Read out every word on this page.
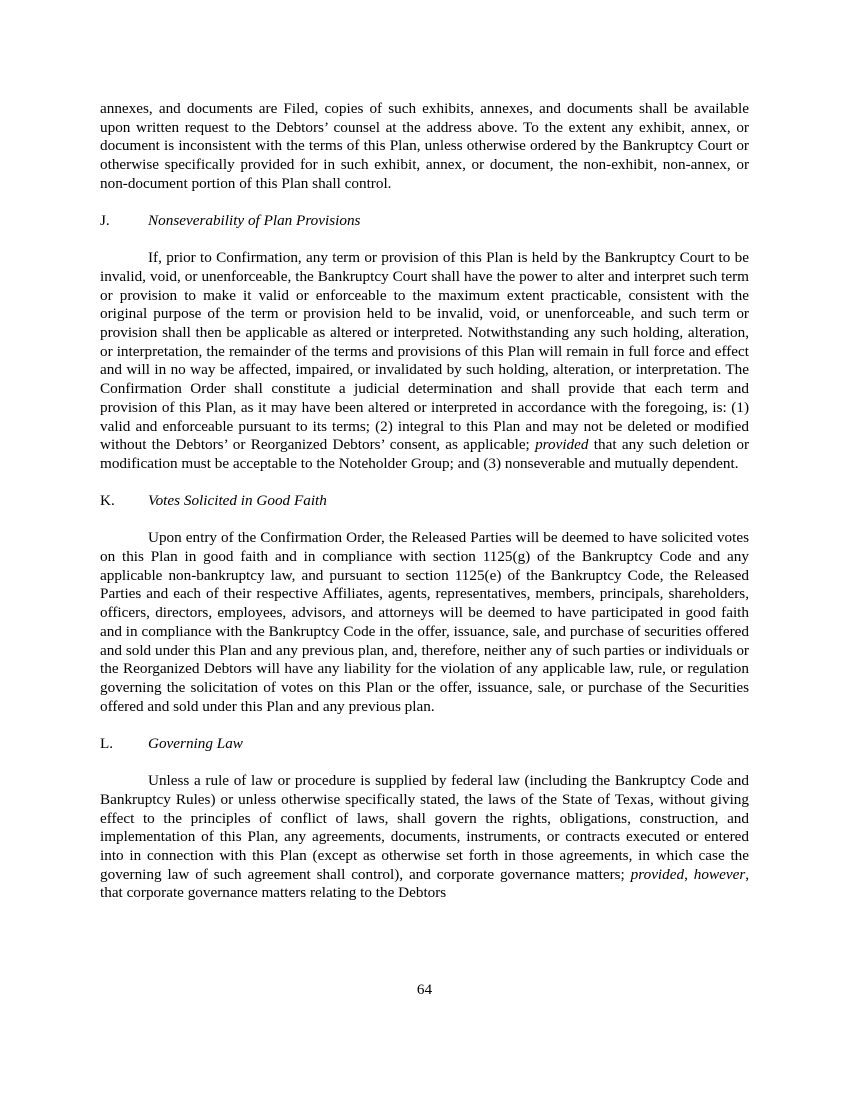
annexes, and documents are Filed, copies of such exhibits, annexes, and documents shall be available upon written request to the Debtors’ counsel at the address above. To the extent any exhibit, annex, or document is inconsistent with the terms of this Plan, unless otherwise ordered by the Bankruptcy Court or otherwise specifically provided for in such exhibit, annex, or document, the non-exhibit, non-annex, or non-document portion of this Plan shall control.

J.	Nonseverability of Plan Provisions

If, prior to Confirmation, any term or provision of this Plan is held by the Bankruptcy Court to be invalid, void, or unenforceable, the Bankruptcy Court shall have the power to alter and interpret such term or provision to make it valid or enforceable to the maximum extent practicable, consistent with the original purpose of the term or provision held to be invalid, void, or unenforceable, and such term or provision shall then be applicable as altered or interpreted. Notwithstanding any such holding, alteration, or interpretation, the remainder of the terms and provisions of this Plan will remain in full force and effect and will in no way be affected, impaired, or invalidated by such holding, alteration, or interpretation. The Confirmation Order shall constitute a judicial determination and shall provide that each term and provision of this Plan, as it may have been altered or interpreted in accordance with the foregoing, is: (1) valid and enforceable pursuant to its terms; (2) integral to this Plan and may not be deleted or modified without the Debtors’ or Reorganized Debtors’ consent, as applicable; provided that any such deletion or modification must be acceptable to the Noteholder Group; and (3) nonseverable and mutually dependent.

K. Votes Solicited in Good Faith

Upon entry of the Confirmation Order, the Released Parties will be deemed to have solicited votes on this Plan in good faith and in compliance with section 1125(g) of the Bankruptcy Code and any applicable non-bankruptcy law, and pursuant to section 1125(e) of the Bankruptcy Code, the Released Parties and each of their respective Affiliates, agents, representatives, members, principals, shareholders, officers, directors, employees, advisors, and attorneys will be deemed to have participated in good faith and in compliance with the Bankruptcy Code in the offer, issuance, sale, and purchase of securities offered and sold under this Plan and any previous plan, and, therefore, neither any of such parties or individuals or the Reorganized Debtors will have any liability for the violation of any applicable law, rule, or regulation governing the solicitation of votes on this Plan or the offer, issuance, sale, or purchase of the Securities offered and sold under this Plan and any previous plan.

L. Governing Law

Unless a rule of law or procedure is supplied by federal law (including the Bankruptcy Code and Bankruptcy Rules) or unless otherwise specifically stated, the laws of the State of Texas, without giving effect to the principles of conflict of laws, shall govern the rights, obligations, construction, and implementation of this Plan, any agreements, documents, instruments, or contracts executed or entered into in connection with this Plan (except as otherwise set forth in those agreements, in which case the governing law of such agreement shall control), and corporate governance matters; provided, however, that corporate governance matters relating to the Debtors

64
